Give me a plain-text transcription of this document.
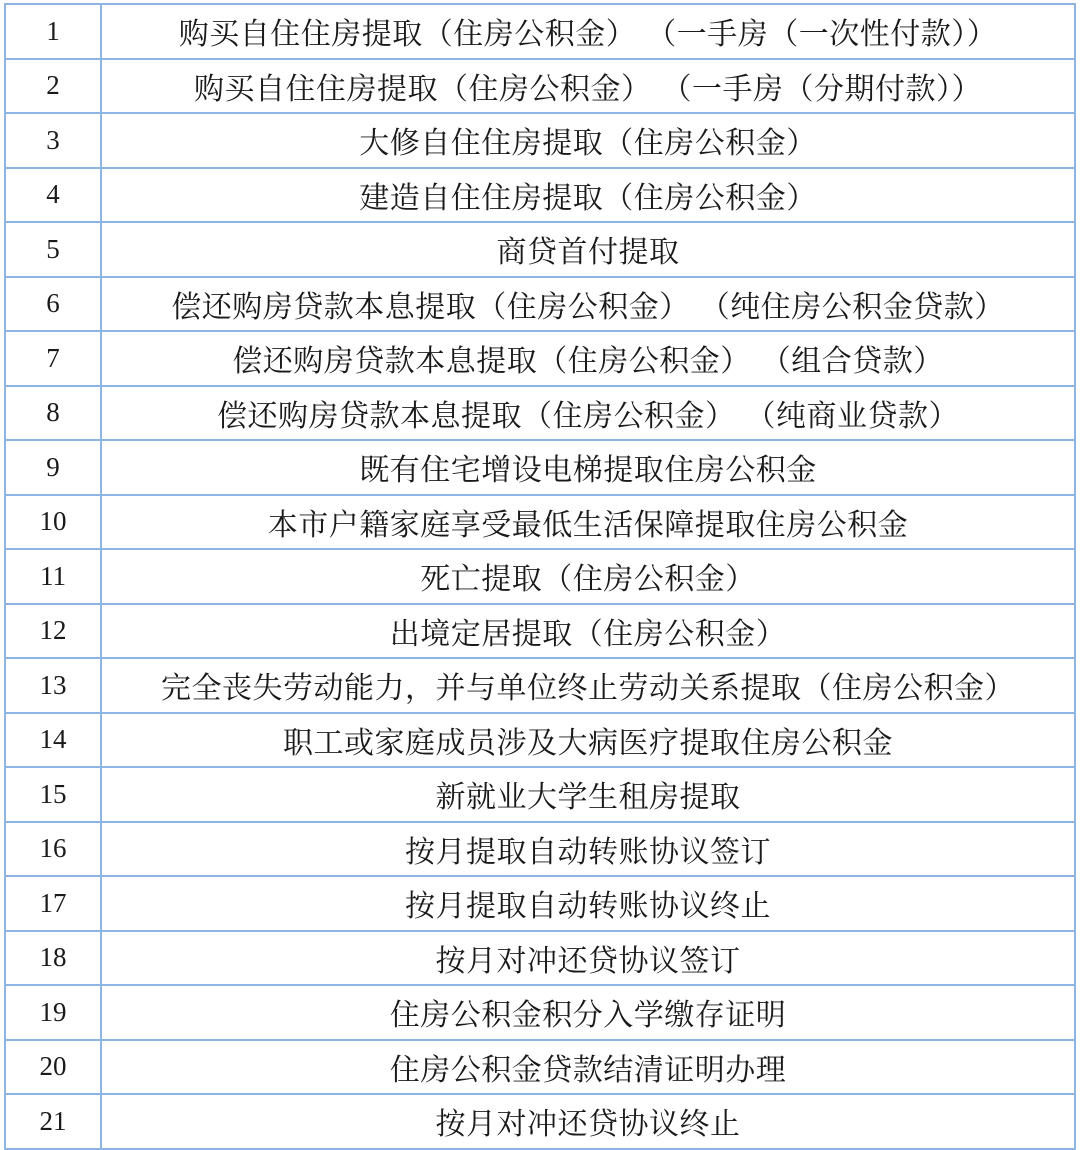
1	购买自住住房提取（住房公积金） （一手房（一次性付款））
2	购买自住住房提取（住房公积金） （一手房（分期付款））
3	大修自住住房提取（住房公积金）
4	建造自住住房提取（住房公积金）
5	商贷首付提取
6	偿还购房贷款本息提取（住房公积金） （纯住房公积金贷款）
7	偿还购房贷款本息提取（住房公积金） （组合贷款）
8	偿还购房贷款本息提取（住房公积金） （纯商业贷款）
9	既有住宅增设电梯提取住房公积金
10	本市户籍家庭享受最低生活保障提取住房公积金
11	死亡提取（住房公积金）
12	出境定居提取（住房公积金）
13	完全丧失劳动能力，并与单位终止劳动关系提取（住房公积金）
14	职工或家庭成员涉及大病医疗提取住房公积金
15	新就业大学生租房提取
16	按月提取自动转账协议签订
17	按月提取自动转账协议终止
18	按月对冲还贷协议签订
19	住房公积金积分入学缴存证明
20	住房公积金贷款结清证明办理
21	按月对冲还贷协议终止
